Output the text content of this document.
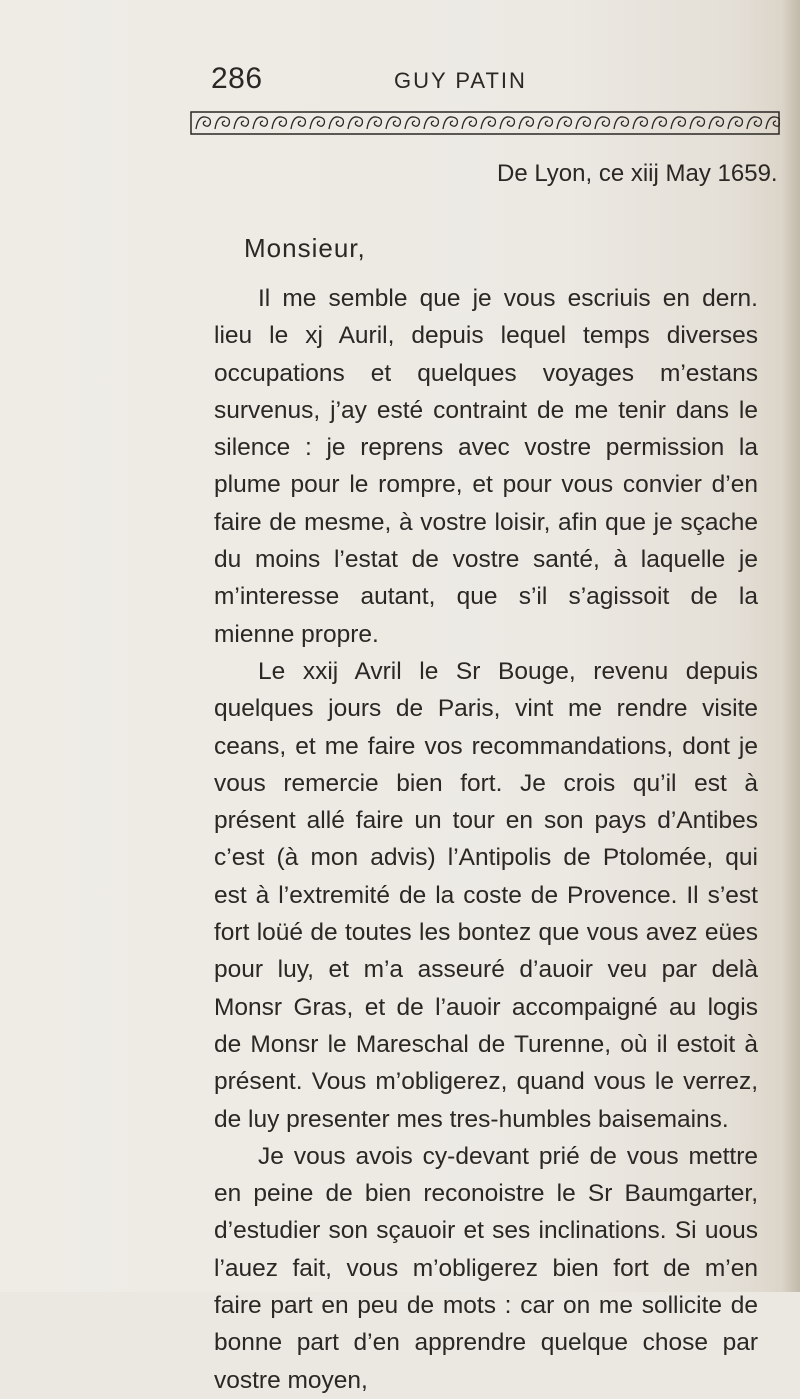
286	GUY PATIN
De Lyon, ce xiij May 1659.
Monsieur,

Il me semble que je vous escriuis en dern. lieu le xj Auril, depuis lequel temps diverses occupations et quelques voyages m’estans survenus, j’ay esté contraint de me tenir dans le silence : je reprens avec vostre permission la plume pour le rompre, et pour vous convier d’en faire de mesme, à vostre loisir, afin que je sçache du moins l’estat de vostre santé, à laquelle je m’interesse autant, que s’il s’agissoit de la mienne propre.

Le xxij Avril le Sr Bouge, revenu depuis quelques jours de Paris, vint me rendre visite ceans, et me faire vos recommandations, dont je vous remercie bien fort. Je crois qu’il est à présent allé faire un tour en son pays d’Antibes c’est (à mon advis) l’Antipolis de Ptolomée, qui est à l’extremité de la coste de Provence. Il s’est fort loüé de toutes les bontez que vous avez eües pour luy, et m’a asseuré d’auoir veu par delà Monsr Gras, et de l’auoir accompaigné au logis de Monsr le Mareschal de Turenne, où il estoit à présent. Vous m’obligerez, quand vous le verrez, de luy presenter mes tres-humbles baisemains.

Je vous avois cy-devant prié de vous mettre en peine de bien reconoistre le Sr Baumgarter, d’estudier son sçauoir et ses inclinations. Si uous l’auez fait, vous m’obligerez bien fort de m’en faire part en peu de mots : car on me sollicite de bonne part d’en apprendre quelque chose par vostre moyen,
